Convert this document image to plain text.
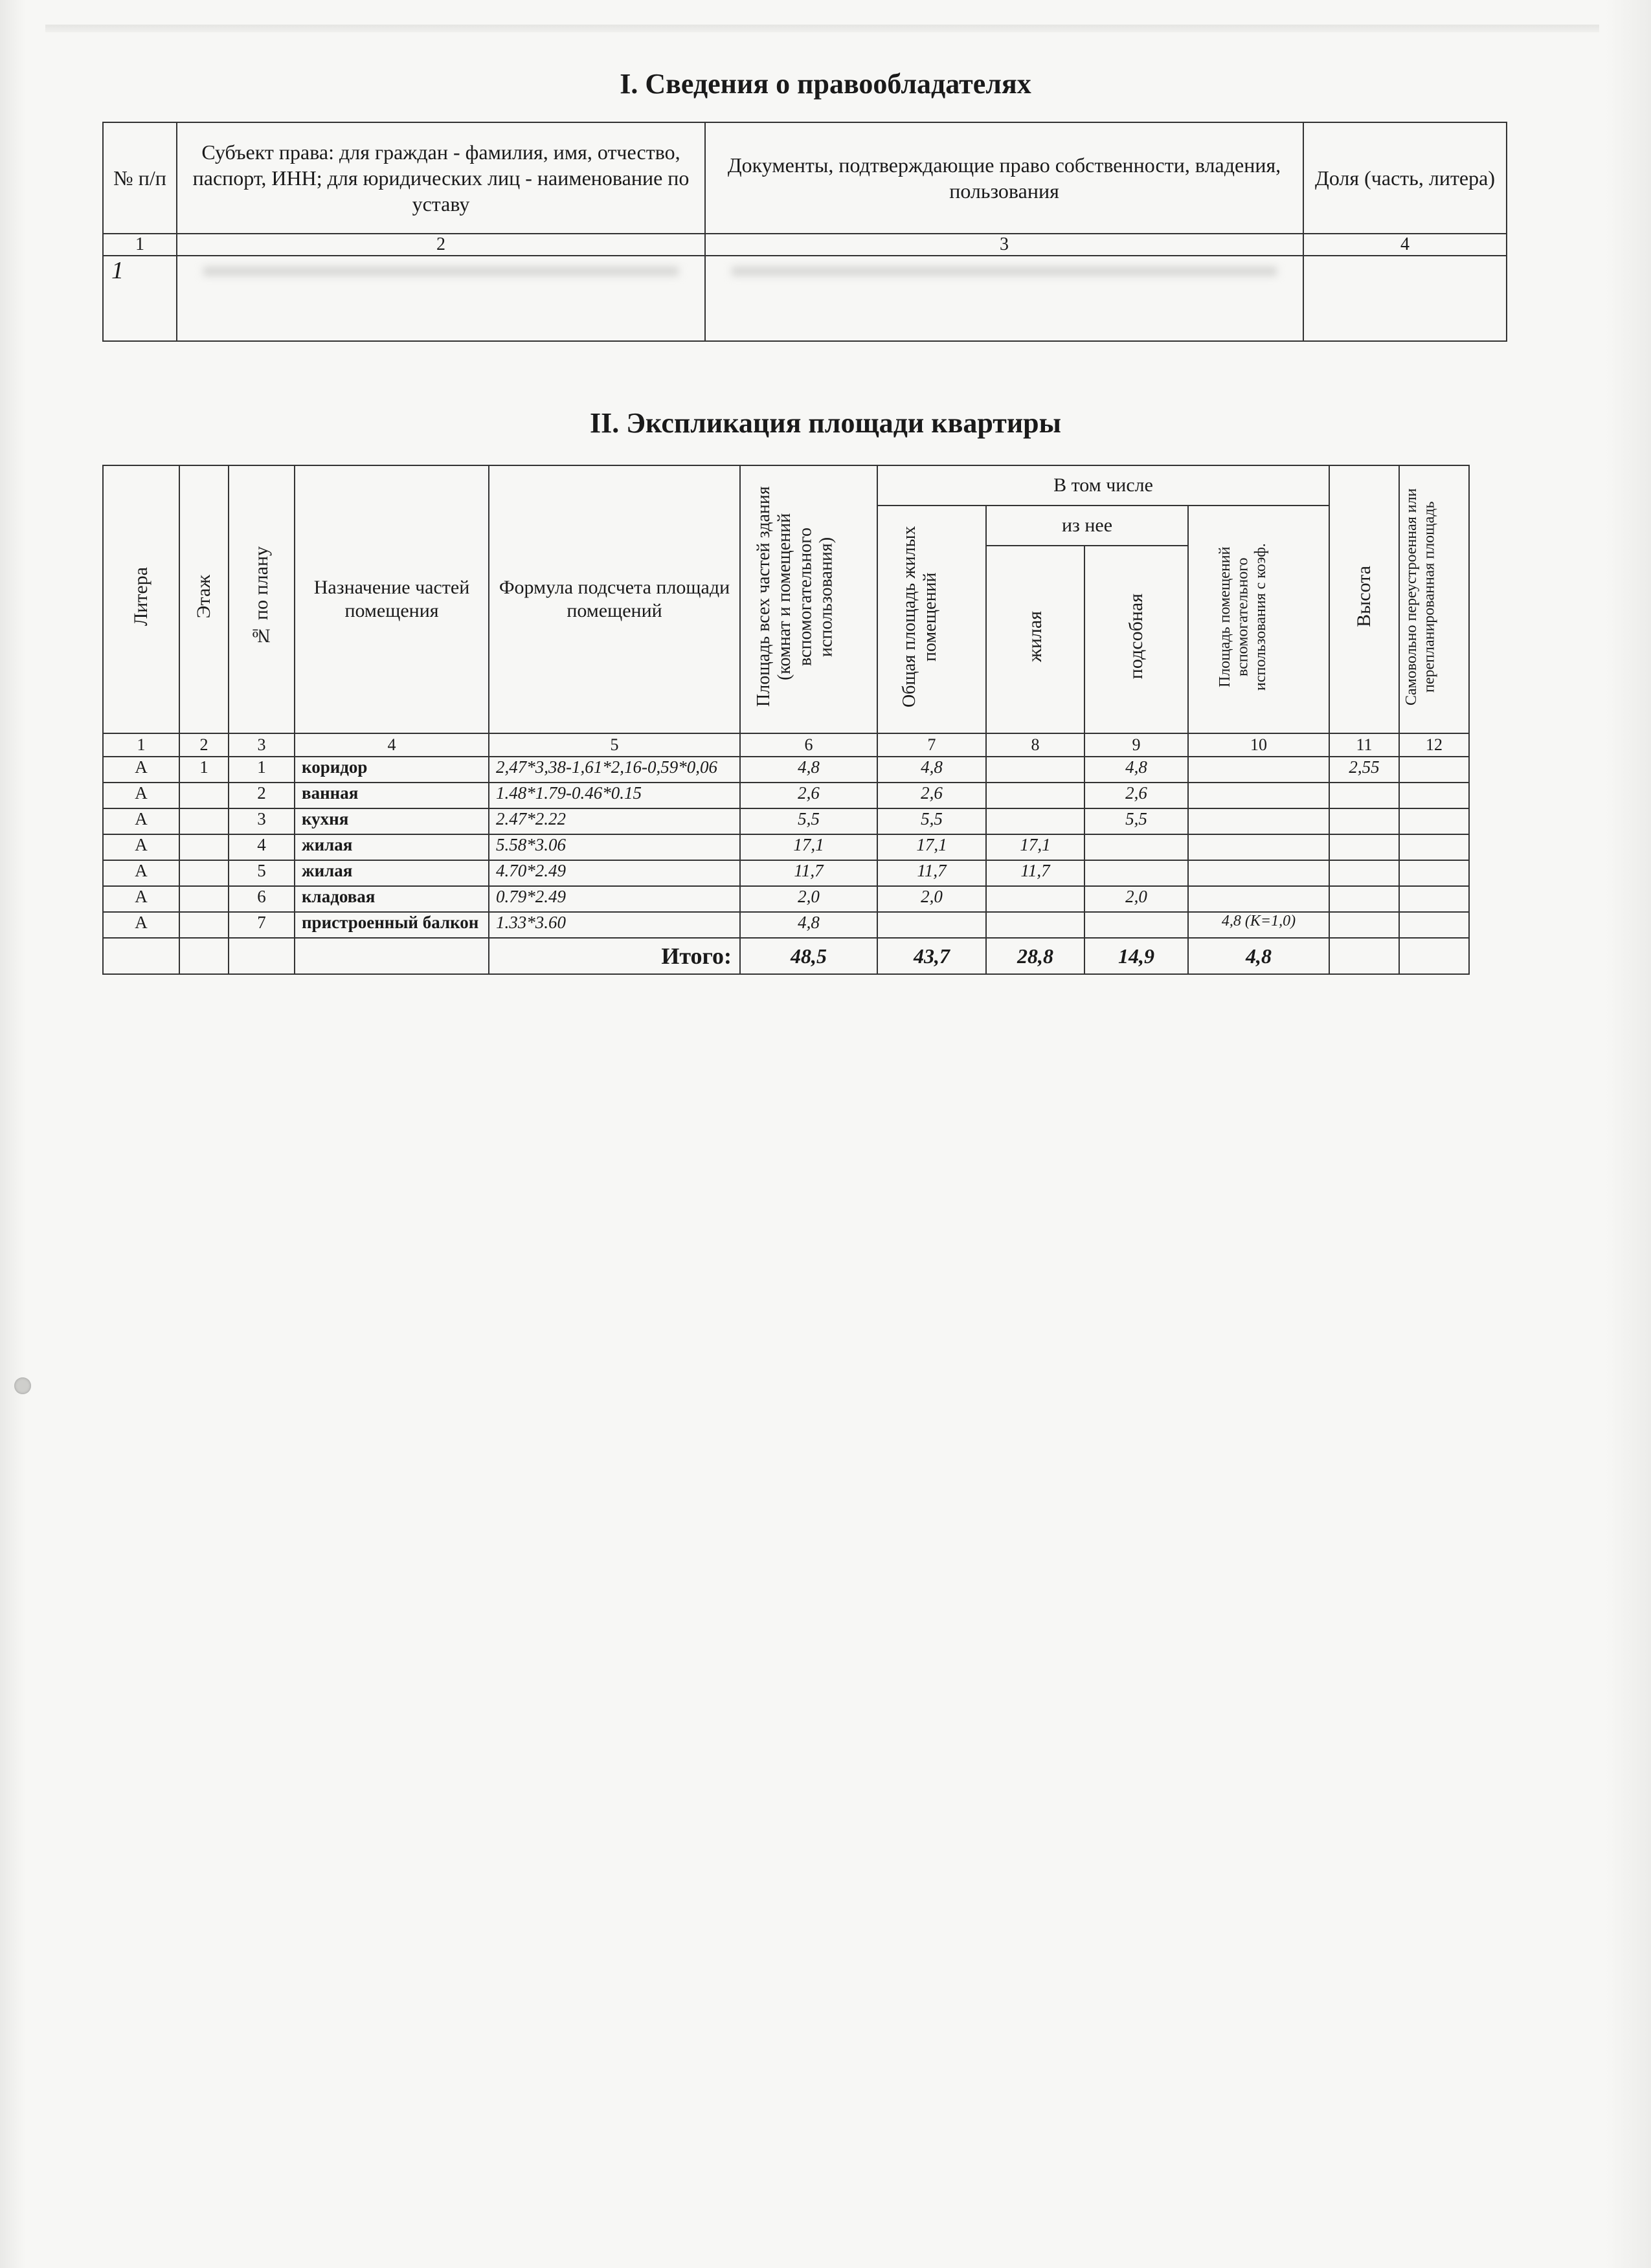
I. Сведения о правообладателях
№ п/п	Субъект права: для граждан - фамилия, имя, отчество, паспорт, ИНН; для юридических лиц - наименование по уставу	Документы, подтверждающие право собственности, владения, пользования	Доля (часть, литера)
1	2	3	4
1	

II. Экспликация площади квартиры
Литера	Этаж	№ по плану	Назначение частей помещения	Формула подсчета площади помещений	Площадь всех частей здания (комнат и помещений вспомогательного использования)	В том числе				Высота	Самовольно переустроенная или перепланированная площадь
						Общая площадь жилых помещений	из нее		Площадь помещений вспомогательного использования с коэф.		
							жилая	подсобная			
1	2	3	4	5	6	7	8	9	10	11	12
А	1	1	коридор	2,47*3,38-1,61*2,16-0,59*0,06	4,8	4,8		4,8		2,55	
А		2	ванная	1.48*1.79-0.46*0.15	2,6	2,6		2,6			
А		3	кухня	2.47*2.22	5,5	5,5		5,5			
А		4	жилая	5.58*3.06	17,1	17,1	17,1				
А		5	жилая	4.70*2.49	11,7	11,7	11,7				
А		6	кладовая	0.79*2.49	2,0	2,0		2,0			
А		7	пристроенный балкон	1.33*3.60	4,8				4,8 (K=1,0)		
				Итого:	48,5	43,7	28,8	14,9	4,8		
